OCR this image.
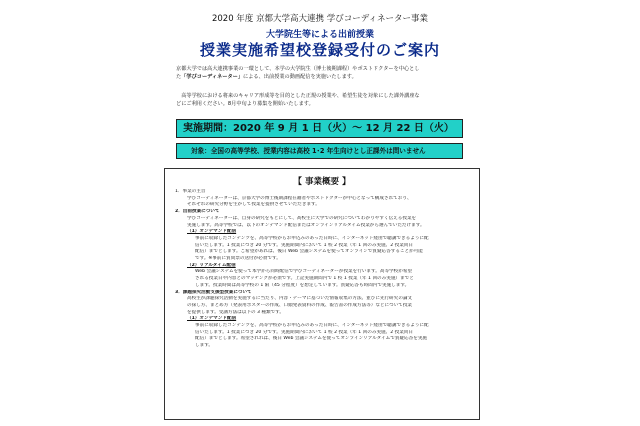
2020 年度 京都大学高大連携 学びコーディネーター事業
大学院生等による出前授業
授業実施希望校登録受付のご案内

京都大学では高大連携事業の一環として、本学の大学院生（博士後期課程）やポストドクターを中心とし
た「学びコーディネーター」による、出前授業の動画配信を実施いたします。

　高等学校における将来のキャリア形成等を目的とした正規の授業や、希望生徒を対象にした課外講座な
どにご利用ください。8月中旬より募集を開始いたします。

実施期間：2020 年 9 月 1 日（火）～ 12 月 22 日（火）
対象：全国の高等学校、授業内容は高校 1･2 年生向けとし正課外は問いません
【 事業概要 】
1．事業の主旨
学びコーディネーターは、京都大学の博士後期課程在籍者やポストドクターが中心となって構成されており、
それぞれの研究分野を生かして授業を提供させていただきます。
2．出前授業について
学びコーディネーターは、自身の研究をもとにして、高校生に大学での研究についてわかりやすく伝える授業を
実施します。高等学校では、以下のオンデマンド配信またはオンラインリアルタイム授業から選んでいただけます。
（1）オンデマンド配信
事前に収録したコンテンツを、高等学校からお申込みのあった日時に、インターネット経由で聴講できるように配
信いたします。1 授業につき 20 分です。実施期間内において 1 校 2 授業（年 1 回のみ実施、2 授業同日
配信）までとします。ご希望があれば、後日 Web 会議システムを使ってオンラインで質疑応答することが可能
です。※事前に質問票の送付が必須です。
（2）リアルタイム配信
Web 会議システムを使って本学から同時配信で学びコーディネーターが授業を行います。高等学校が希望
される授業日や内容とのマッチングが必須です。上記実施期間内で 1 校 1 授業（年 1 回のみ実施）までと
します。授業時間は高等学校の 1 限（45 分程度）を想定しています。質疑応答も時間内で実施します。
3．課題探究活動支援型授業について
高校生が課題探究活動を実施するに当たり、内容・テーマに基づいた情報収集の方法、並びに先行研究の論文
の探し方、まとめ方（発表用ポスターの作成、口頭発表資料の作成、報告書の作成方法等）などについて授業
を提供します。受講方法は以下の 3 種類です。
（1）オンデマンド配信
事前に収録したコンテンツを、高等学校からお申込みのあった日時に、インターネット経由で聴講できるように配
信いたします。1 授業につき 20 分です。実施期間内において 1 校 2 授業（年 1 回のみ実施、2 授業同日
配信）までとします。希望されれば、後日 Web 会議システムを使ってオンラインリアルタイムで質疑応答を実施
します。
